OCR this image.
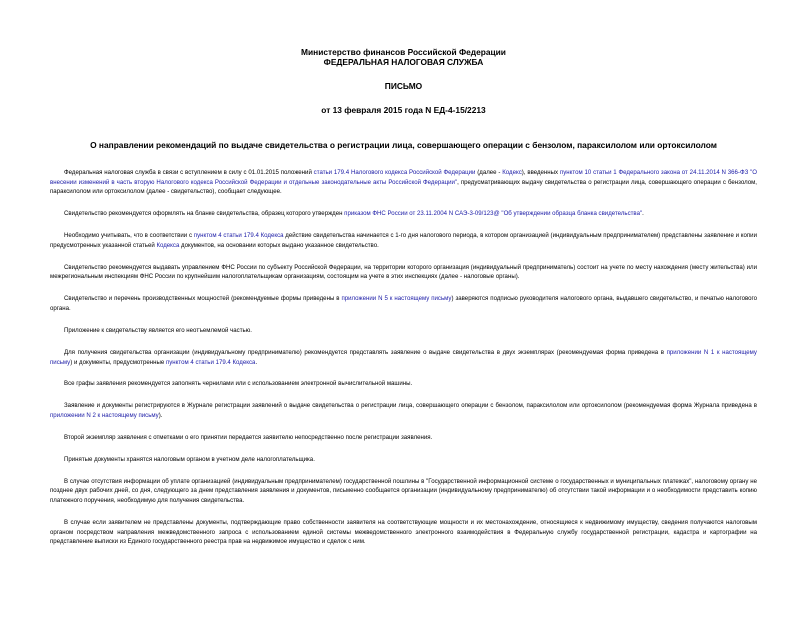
Министерство финансов Российской Федерации
ФЕДЕРАЛЬНАЯ НАЛОГОВАЯ СЛУЖБА
ПИСЬМО
от 13 февраля 2015 года N ЕД-4-15/2213
О направлении рекомендаций по выдаче свидетельства о регистрации лица, совершающего операции с бензолом, параксилолом или ортоксилолом

Федеральная налоговая служба в связи с вступлением в силу с 01.01.2015 положений статьи 179.4 Налогового кодекса Российской Федерации (далее - Кодекс), введенных пунктом 10 статьи 1 Федерального закона от 24.11.2014 N 366-ФЗ "О внесении изменений в часть вторую Налогового кодекса Российской Федерации и отдельные законодательные акты Российской Федерации", предусматривающих выдачу свидетельства о регистрации лица, совершающего операции с бензолом, параксилолом или ортоксилолом (далее - свидетельство), сообщает следующее.

Свидетельство рекомендуется оформлять на бланке свидетельства, образец которого утвержден приказом ФНС России от 23.11.2004 N САЭ-3-09/123@ "Об утверждении образца бланка свидетельства".

Необходимо учитывать, что в соответствии с пунктом 4 статьи 179.4 Кодекса действие свидетельства начинается с 1-го дня налогового периода, в котором организацией (индивидуальным предпринимателем) представлены заявление и копии предусмотренных указанной статьей Кодекса документов, на основании которых выдано указанное свидетельство.

Свидетельство рекомендуется выдавать управлением ФНС России по субъекту Российской Федерации, на территории которого организация (индивидуальный предприниматель) состоит на учете по месту нахождения (месту жительства) или межрегиональным инспекциям ФНС России по крупнейшим налогоплательщикам организациям, состоящим на учете в этих инспекциях (далее - налоговые органы).

Свидетельство и перечень производственных мощностей (рекомендуемые формы приведены в приложении N 5 к настоящему письму) заверяются подписью руководителя налогового органа, выдавшего свидетельство, и печатью налогового органа.

Приложение к свидетельству является его неотъемлемой частью.

Для получения свидетельства организации (индивидуальному предпринимателю) рекомендуется представлять заявление о выдаче свидетельства в двух экземплярах (рекомендуемая форма приведена в приложении N 1 к настоящему письму) и документы, предусмотренные пунктом 4 статьи 179.4 Кодекса.

Все графы заявления рекомендуется заполнять чернилами или с использованием электронной вычислительной машины.

Заявление и документы регистрируются в Журнале регистрации заявлений о выдаче свидетельства о регистрации лица, совершающего операции с бензолом, параксилолом или ортоксилолом (рекомендуемая форма Журнала приведена в приложении N 2 к настоящему письму).

Второй экземпляр заявления с отметками о его принятии передается заявителю непосредственно после регистрации заявления.

Принятые документы хранятся налоговым органом в учетном деле налогоплательщика.

В случае отсутствия информации об уплате организацией (индивидуальным предпринимателем) государственной пошлины в "Государственной информационной системе о государственных и муниципальных платежах", налоговому органу не позднее двух рабочих дней, со дня, следующего за днем представления заявления и документов, письменно сообщается организации (индивидуальному предпринимателю) об отсутствии такой информации и о необходимости представить копию платежного поручения, необходимую для получения свидетельства.

В случае если заявителем не представлены документы, подтверждающие право собственности заявителя на соответствующие мощности и их местонахождение, относящиеся к недвижимому имуществу, сведения получаются налоговым органом посредством направления межведомственного запроса с использованием единой системы межведомственного электронного взаимодействия в Федеральную службу государственной регистрации, кадастра и картографии на представление выписки из Единого государственного реестра прав на недвижимое имущество и сделок с ним.
